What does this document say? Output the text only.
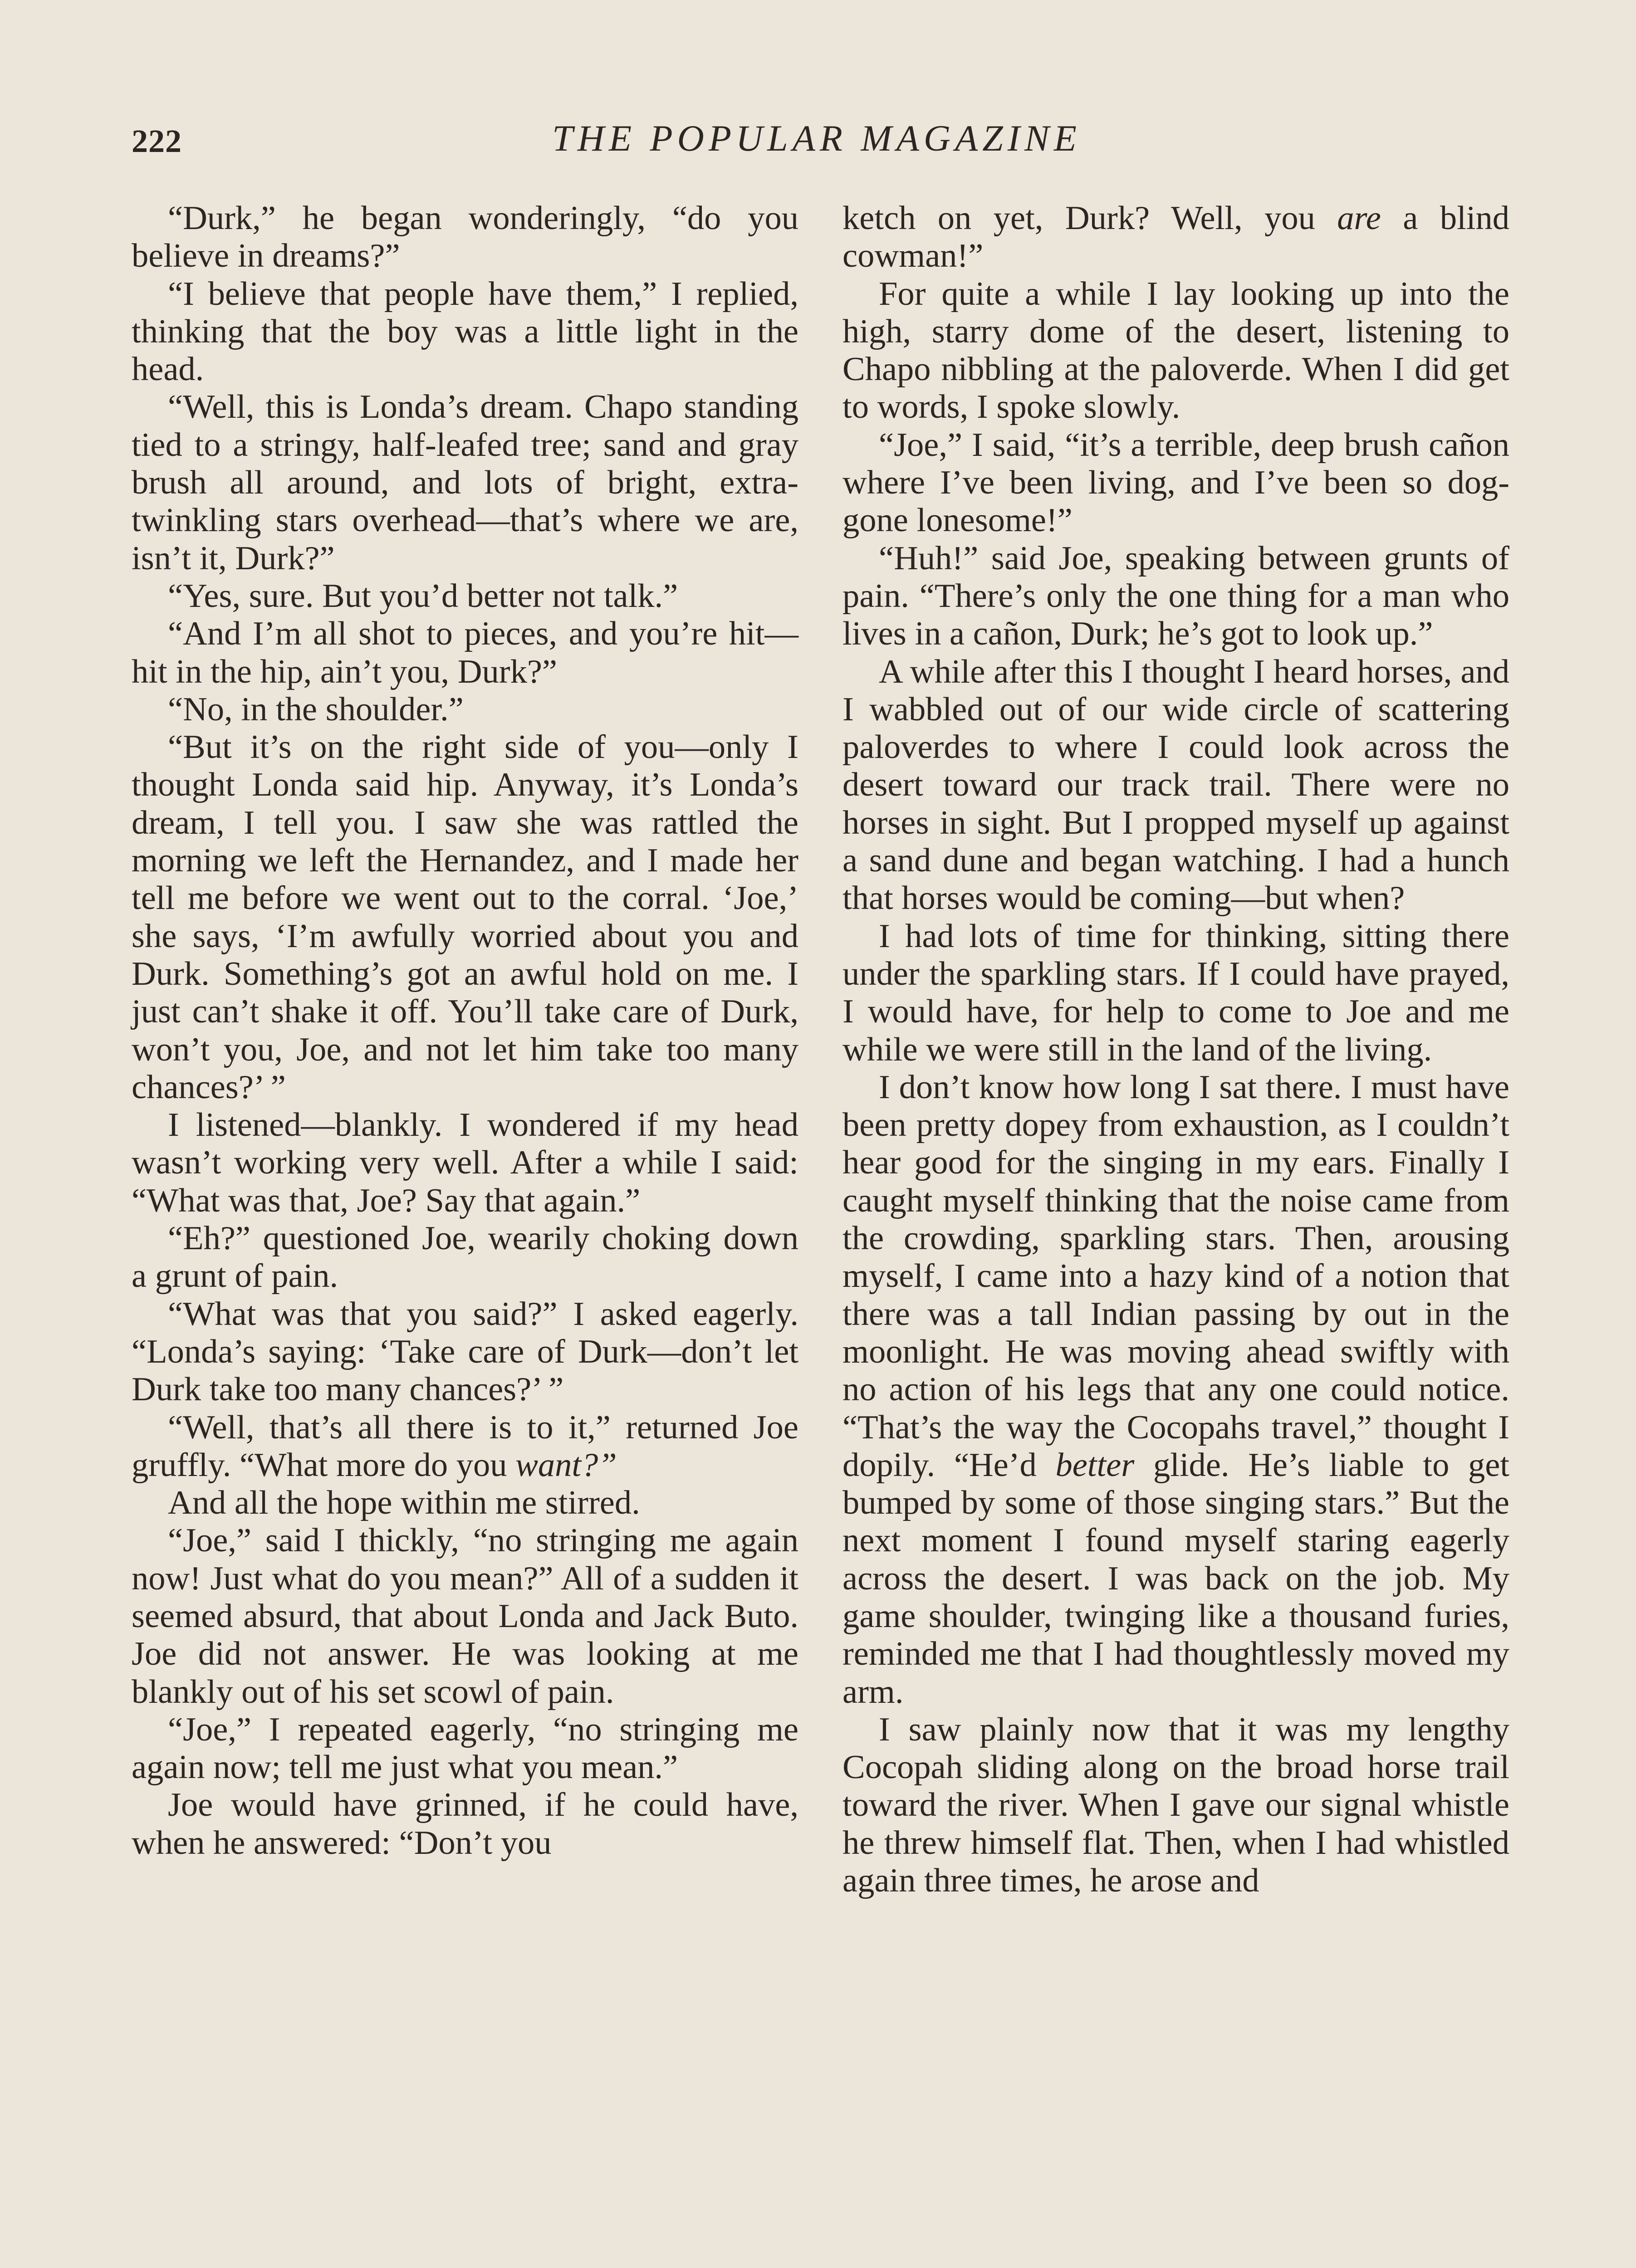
222	THE POPULAR MAGAZINE

“Durk,” he began wonderingly, “do you believe in dreams?”

“I believe that people have them,” I replied, thinking that the boy was a little light in the head.

“Well, this is Londa’s dream. Chapo standing tied to a stringy, half-leafed tree; sand and gray brush all around, and lots of bright, extra-twinkling stars overhead—that’s where we are, isn’t it, Durk?”

“Yes, sure. But you’d better not talk.”

“And I’m all shot to pieces, and you’re hit—hit in the hip, ain’t you, Durk?”

“No, in the shoulder.”

“But it’s on the right side of you—only I thought Londa said hip. Anyway, it’s Londa’s dream, I tell you. I saw she was rattled the morning we left the Hernandez, and I made her tell me before we went out to the corral. ‘Joe,’ she says, ‘I’m awfully worried about you and Durk. Something’s got an awful hold on me. I just can’t shake it off. You’ll take care of Durk, won’t you, Joe, and not let him take too many chances?’ ”

I listened—blankly. I wondered if my head wasn’t working very well. After a while I said: “What was that, Joe? Say that again.”

“Eh?” questioned Joe, wearily choking down a grunt of pain.

“What was that you said?” I asked eagerly. “Londa’s saying: ‘Take care of Durk—don’t let Durk take too many chances?’ ”

“Well, that’s all there is to it,” returned Joe gruffly. “What more do you want?”

And all the hope within me stirred.

“Joe,” said I thickly, “no stringing me again now! Just what do you mean?” All of a sudden it seemed absurd, that about Londa and Jack Buto. Joe did not answer. He was looking at me blankly out of his set scowl of pain.

“Joe,” I repeated eagerly, “no stringing me again now; tell me just what you mean.”

Joe would have grinned, if he could have, when he answered: “Don’t you

ketch on yet, Durk? Well, you are a blind cowman!”

For quite a while I lay looking up into the high, starry dome of the desert, listening to Chapo nibbling at the paloverde. When I did get to words, I spoke slowly.

“Joe,” I said, “it’s a terrible, deep brush cañon where I’ve been living, and I’ve been so dog-gone lonesome!”

“Huh!” said Joe, speaking between grunts of pain. “There’s only the one thing for a man who lives in a cañon, Durk; he’s got to look up.”

A while after this I thought I heard horses, and I wabbled out of our wide circle of scattering paloverdes to where I could look across the desert toward our track trail. There were no horses in sight. But I propped myself up against a sand dune and began watching. I had a hunch that horses would be coming—but when?

I had lots of time for thinking, sitting there under the sparkling stars. If I could have prayed, I would have, for help to come to Joe and me while we were still in the land of the living.

I don’t know how long I sat there. I must have been pretty dopey from exhaustion, as I couldn’t hear good for the singing in my ears. Finally I caught myself thinking that the noise came from the crowding, sparkling stars. Then, arousing myself, I came into a hazy kind of a notion that there was a tall Indian passing by out in the moonlight. He was moving ahead swiftly with no action of his legs that any one could notice. “That’s the way the Cocopahs travel,” thought I dopily. “He’d better glide. He’s liable to get bumped by some of those singing stars.” But the next moment I found myself staring eagerly across the desert. I was back on the job. My game shoulder, twinging like a thousand furies, reminded me that I had thoughtlessly moved my arm.

I saw plainly now that it was my lengthy Cocopah sliding along on the broad horse trail toward the river. When I gave our signal whistle he threw himself flat. Then, when I had whistled again three times, he arose and
